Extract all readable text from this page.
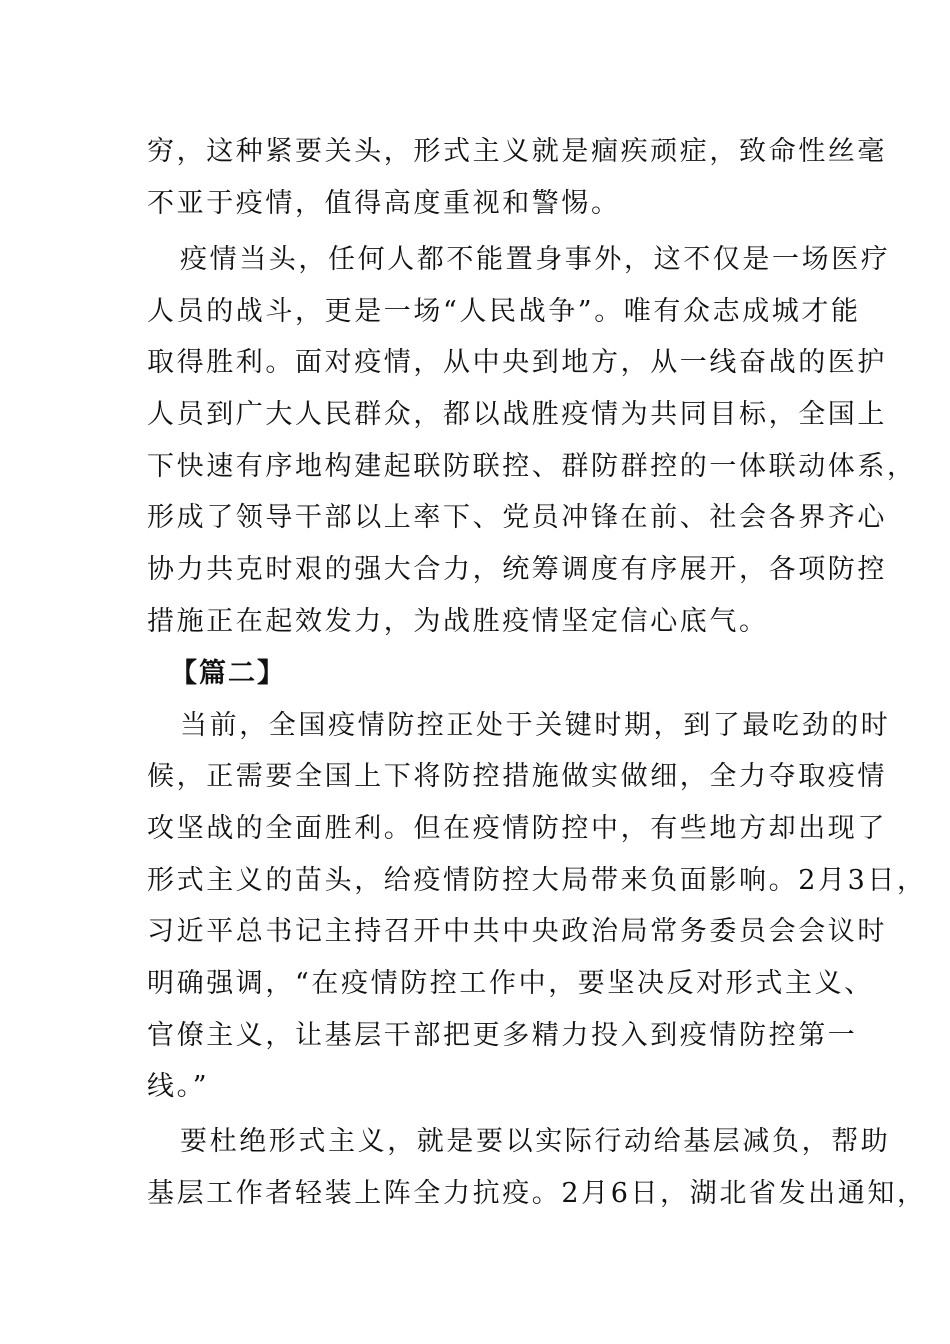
穷，这种紧要关头，形式主义就是痼疾顽症，致命性丝毫
不亚于疫情，值得高度重视和警惕。
疫情当头，任何人都不能置身事外，这不仅是一场医疗
人员的战斗，更是一场“人民战争”。唯有众志成城才能
取得胜利。面对疫情，从中央到地方，从一线奋战的医护
人员到广大人民群众，都以战胜疫情为共同目标，全国上
下快速有序地构建起联防联控、群防群控的一体联动体系，
形成了领导干部以上率下、党员冲锋在前、社会各界齐心
协力共克时艰的强大合力，统筹调度有序展开，各项防控
措施正在起效发力，为战胜疫情坚定信心底气。
【篇二】
当前，全国疫情防控正处于关键时期，到了最吃劲的时
候，正需要全国上下将防控措施做实做细，全力夺取疫情
攻坚战的全面胜利。但在疫情防控中，有些地方却出现了
形式主义的苗头，给疫情防控大局带来负面影响。2月3日，
习近平总书记主持召开中共中央政治局常务委员会会议时
明确强调，“在疫情防控工作中，要坚决反对形式主义、
官僚主义，让基层干部把更多精力投入到疫情防控第一
线。”
要杜绝形式主义，就是要以实际行动给基层减负，帮助
基层工作者轻装上阵全力抗疫。2月6日，湖北省发出通知，
